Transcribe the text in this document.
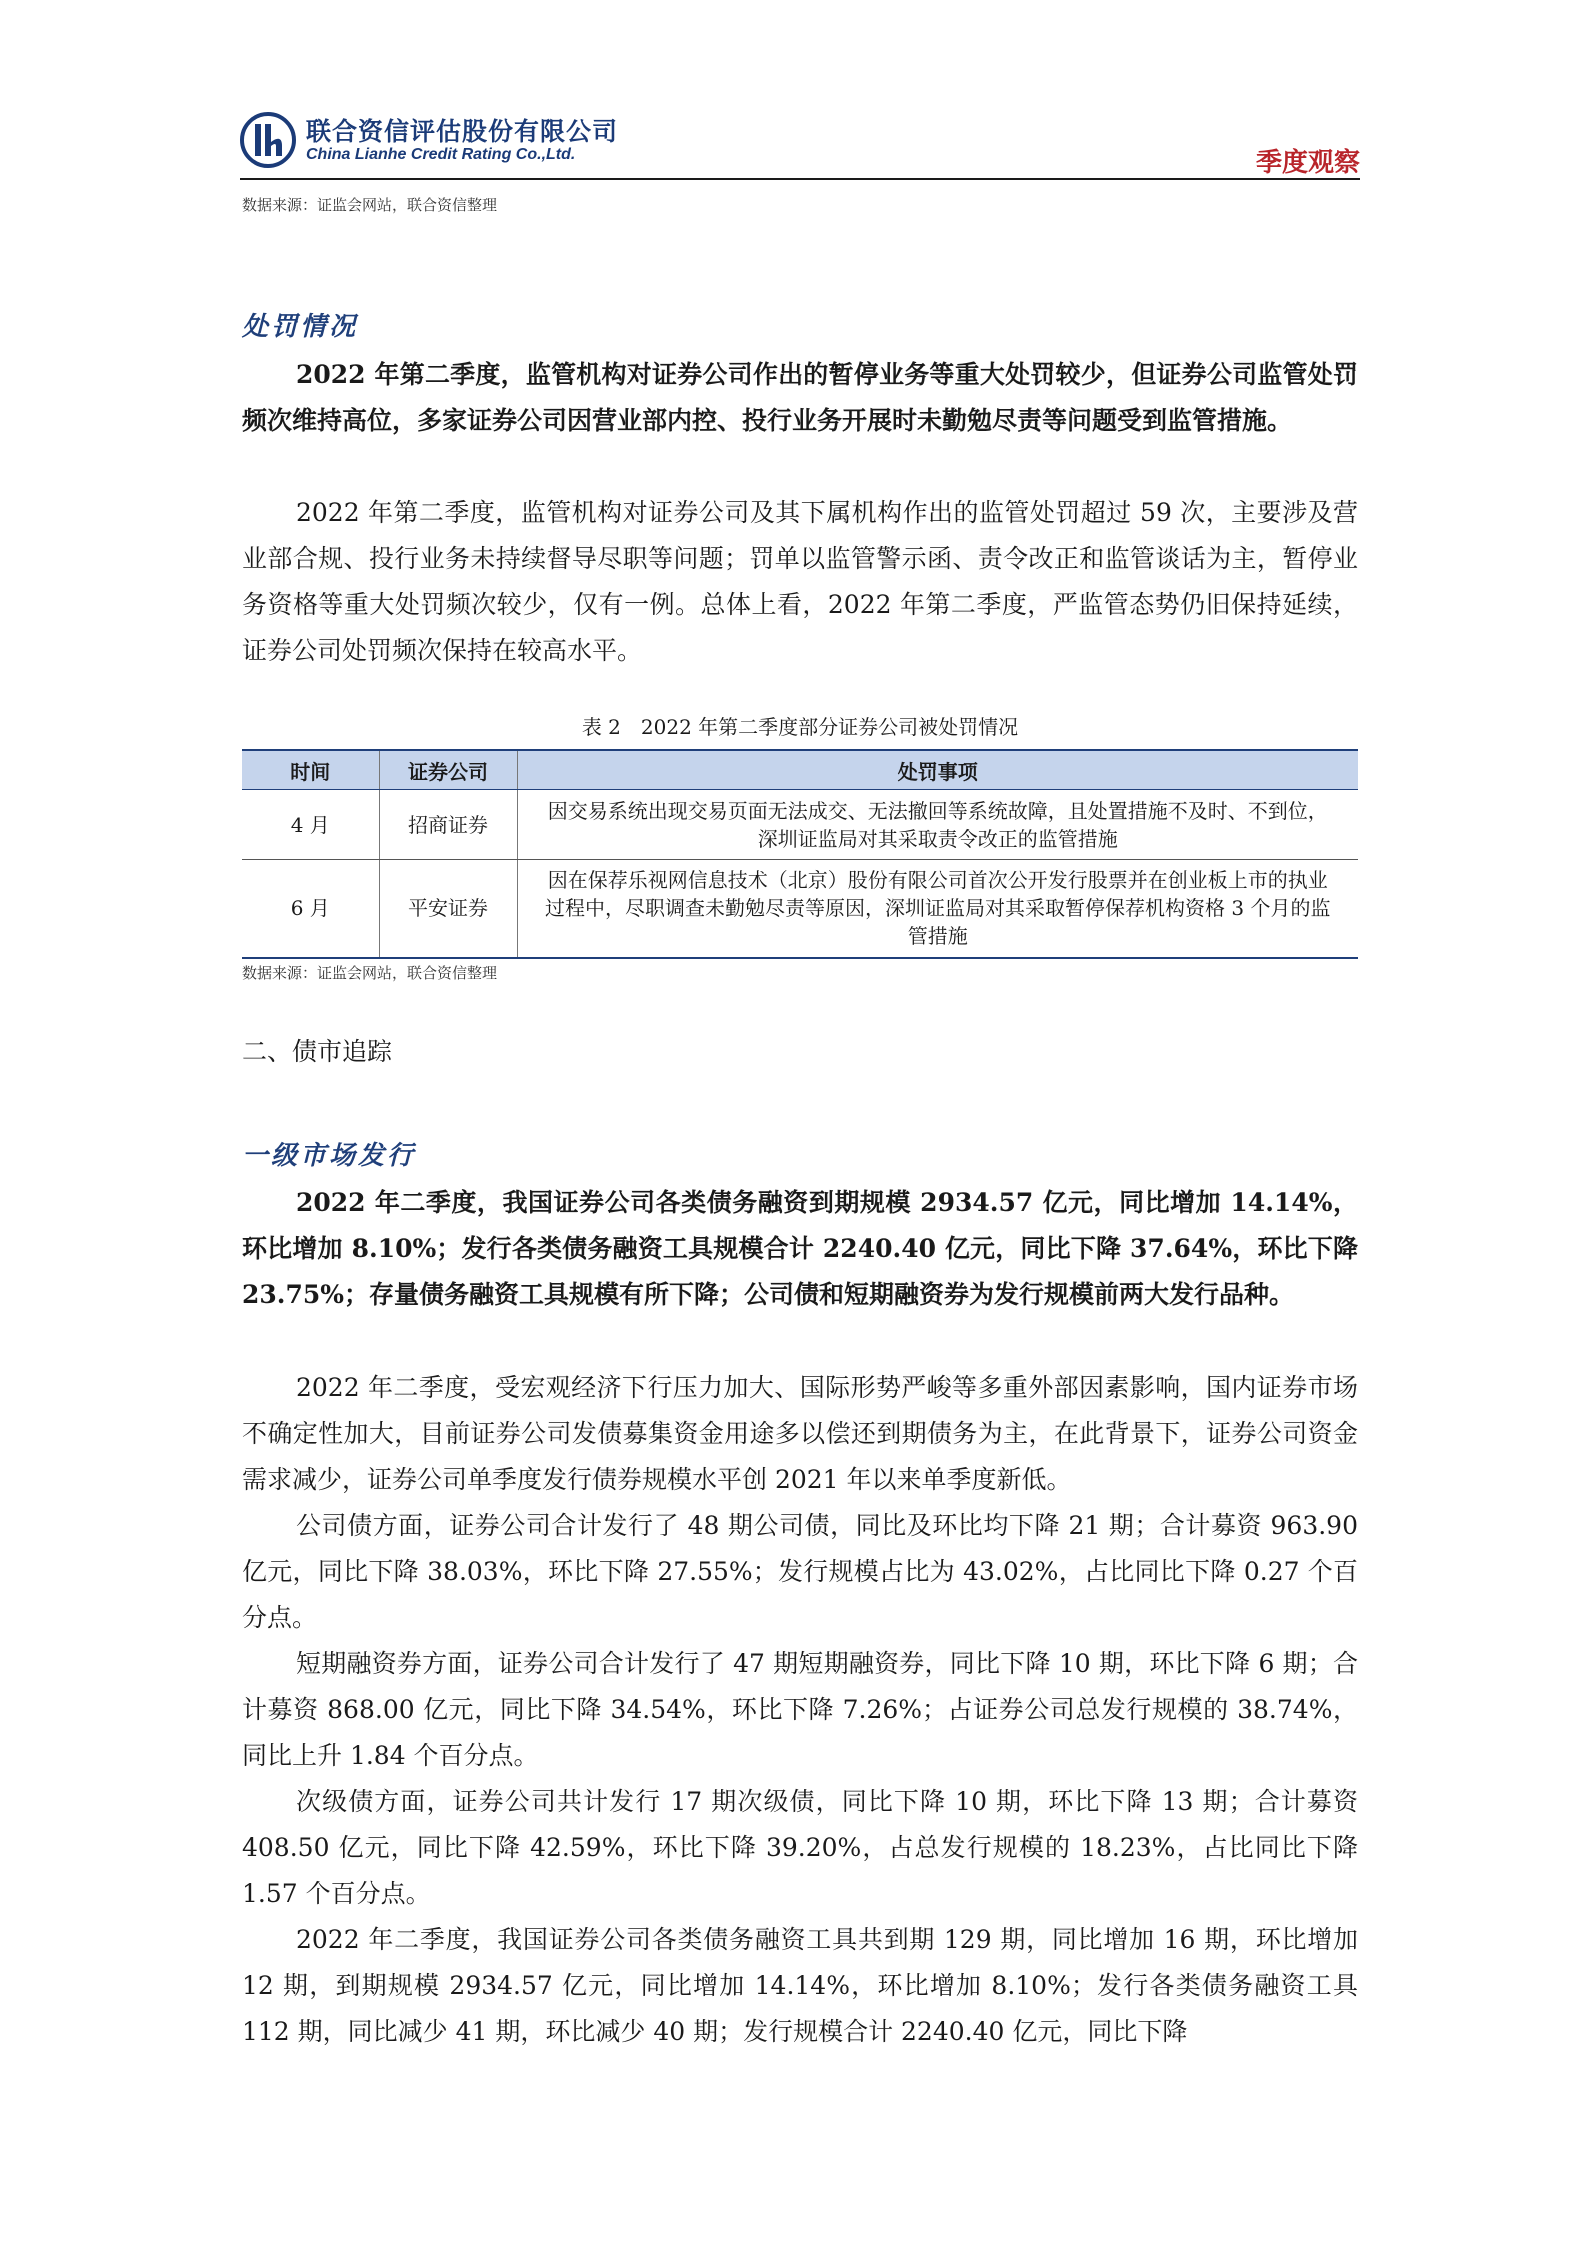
联合资信评估股份有限公司
China Lianhe Credit Rating Co.,Ltd.	季度观察
数据来源：证监会网站，联合资信整理
处罚情况

2022 年第二季度，监管机构对证券公司作出的暂停业务等重大处罚较少，但证券公司监管处罚频次维持高位，多家证券公司因营业部内控、投行业务开展时未勤勉尽责等问题受到监管措施。

2022 年第二季度，监管机构对证券公司及其下属机构作出的监管处罚超过 59 次，主要涉及营业部合规、投行业务未持续督导尽职等问题；罚单以监管警示函、责令改正和监管谈话为主，暂停业务资格等重大处罚频次较少，仅有一例。总体上看，2022 年第二季度，严监管态势仍旧保持延续，证券公司处罚频次保持在较高水平。

表 2　2022 年第二季度部分证券公司被处罚情况
时间	证券公司	处罚事项
4 月	招商证券	因交易系统出现交易页面无法成交、无法撤回等系统故障，且处置措施不及时、不到位，深圳证监局对其采取责令改正的监管措施
6 月	平安证券	因在保荐乐视网信息技术（北京）股份有限公司首次公开发行股票并在创业板上市的执业过程中，尽职调查未勤勉尽责等原因，深圳证监局对其采取暂停保荐机构资格 3 个月的监管措施
数据来源：证监会网站，联合资信整理
二、债市追踪
一级市场发行

2022 年二季度，我国证券公司各类债务融资到期规模 2934.57 亿元，同比增加 14.14%，环比增加 8.10%；发行各类债务融资工具规模合计 2240.40 亿元，同比下降 37.64%，环比下降 23.75%；存量债务融资工具规模有所下降；公司债和短期融资券为发行规模前两大发行品种。

2022 年二季度，受宏观经济下行压力加大、国际形势严峻等多重外部因素影响，国内证券市场不确定性加大，目前证券公司发债募集资金用途多以偿还到期债务为主，在此背景下，证券公司资金需求减少，证券公司单季度发行债券规模水平创 2021 年以来单季度新低。

公司债方面，证券公司合计发行了 48 期公司债，同比及环比均下降 21 期；合计募资 963.90 亿元，同比下降 38.03%，环比下降 27.55%；发行规模占比为 43.02%，占比同比下降 0.27 个百分点。

短期融资券方面，证券公司合计发行了 47 期短期融资券，同比下降 10 期，环比下降 6 期；合计募资 868.00 亿元，同比下降 34.54%，环比下降 7.26%；占证券公司总发行规模的 38.74%，同比上升 1.84 个百分点。

次级债方面，证券公司共计发行 17 期次级债，同比下降 10 期，环比下降 13 期；合计募资 408.50 亿元，同比下降 42.59%，环比下降 39.20%，占总发行规模的 18.23%，占比同比下降 1.57 个百分点。

2022 年二季度，我国证券公司各类债务融资工具共到期 129 期，同比增加 16 期，环比增加 12 期，到期规模 2934.57 亿元，同比增加 14.14%，环比增加 8.10%；发行各类债务融资工具 112 期，同比减少 41 期，环比减少 40 期；发行规模合计 2240.40 亿元，同比下降
